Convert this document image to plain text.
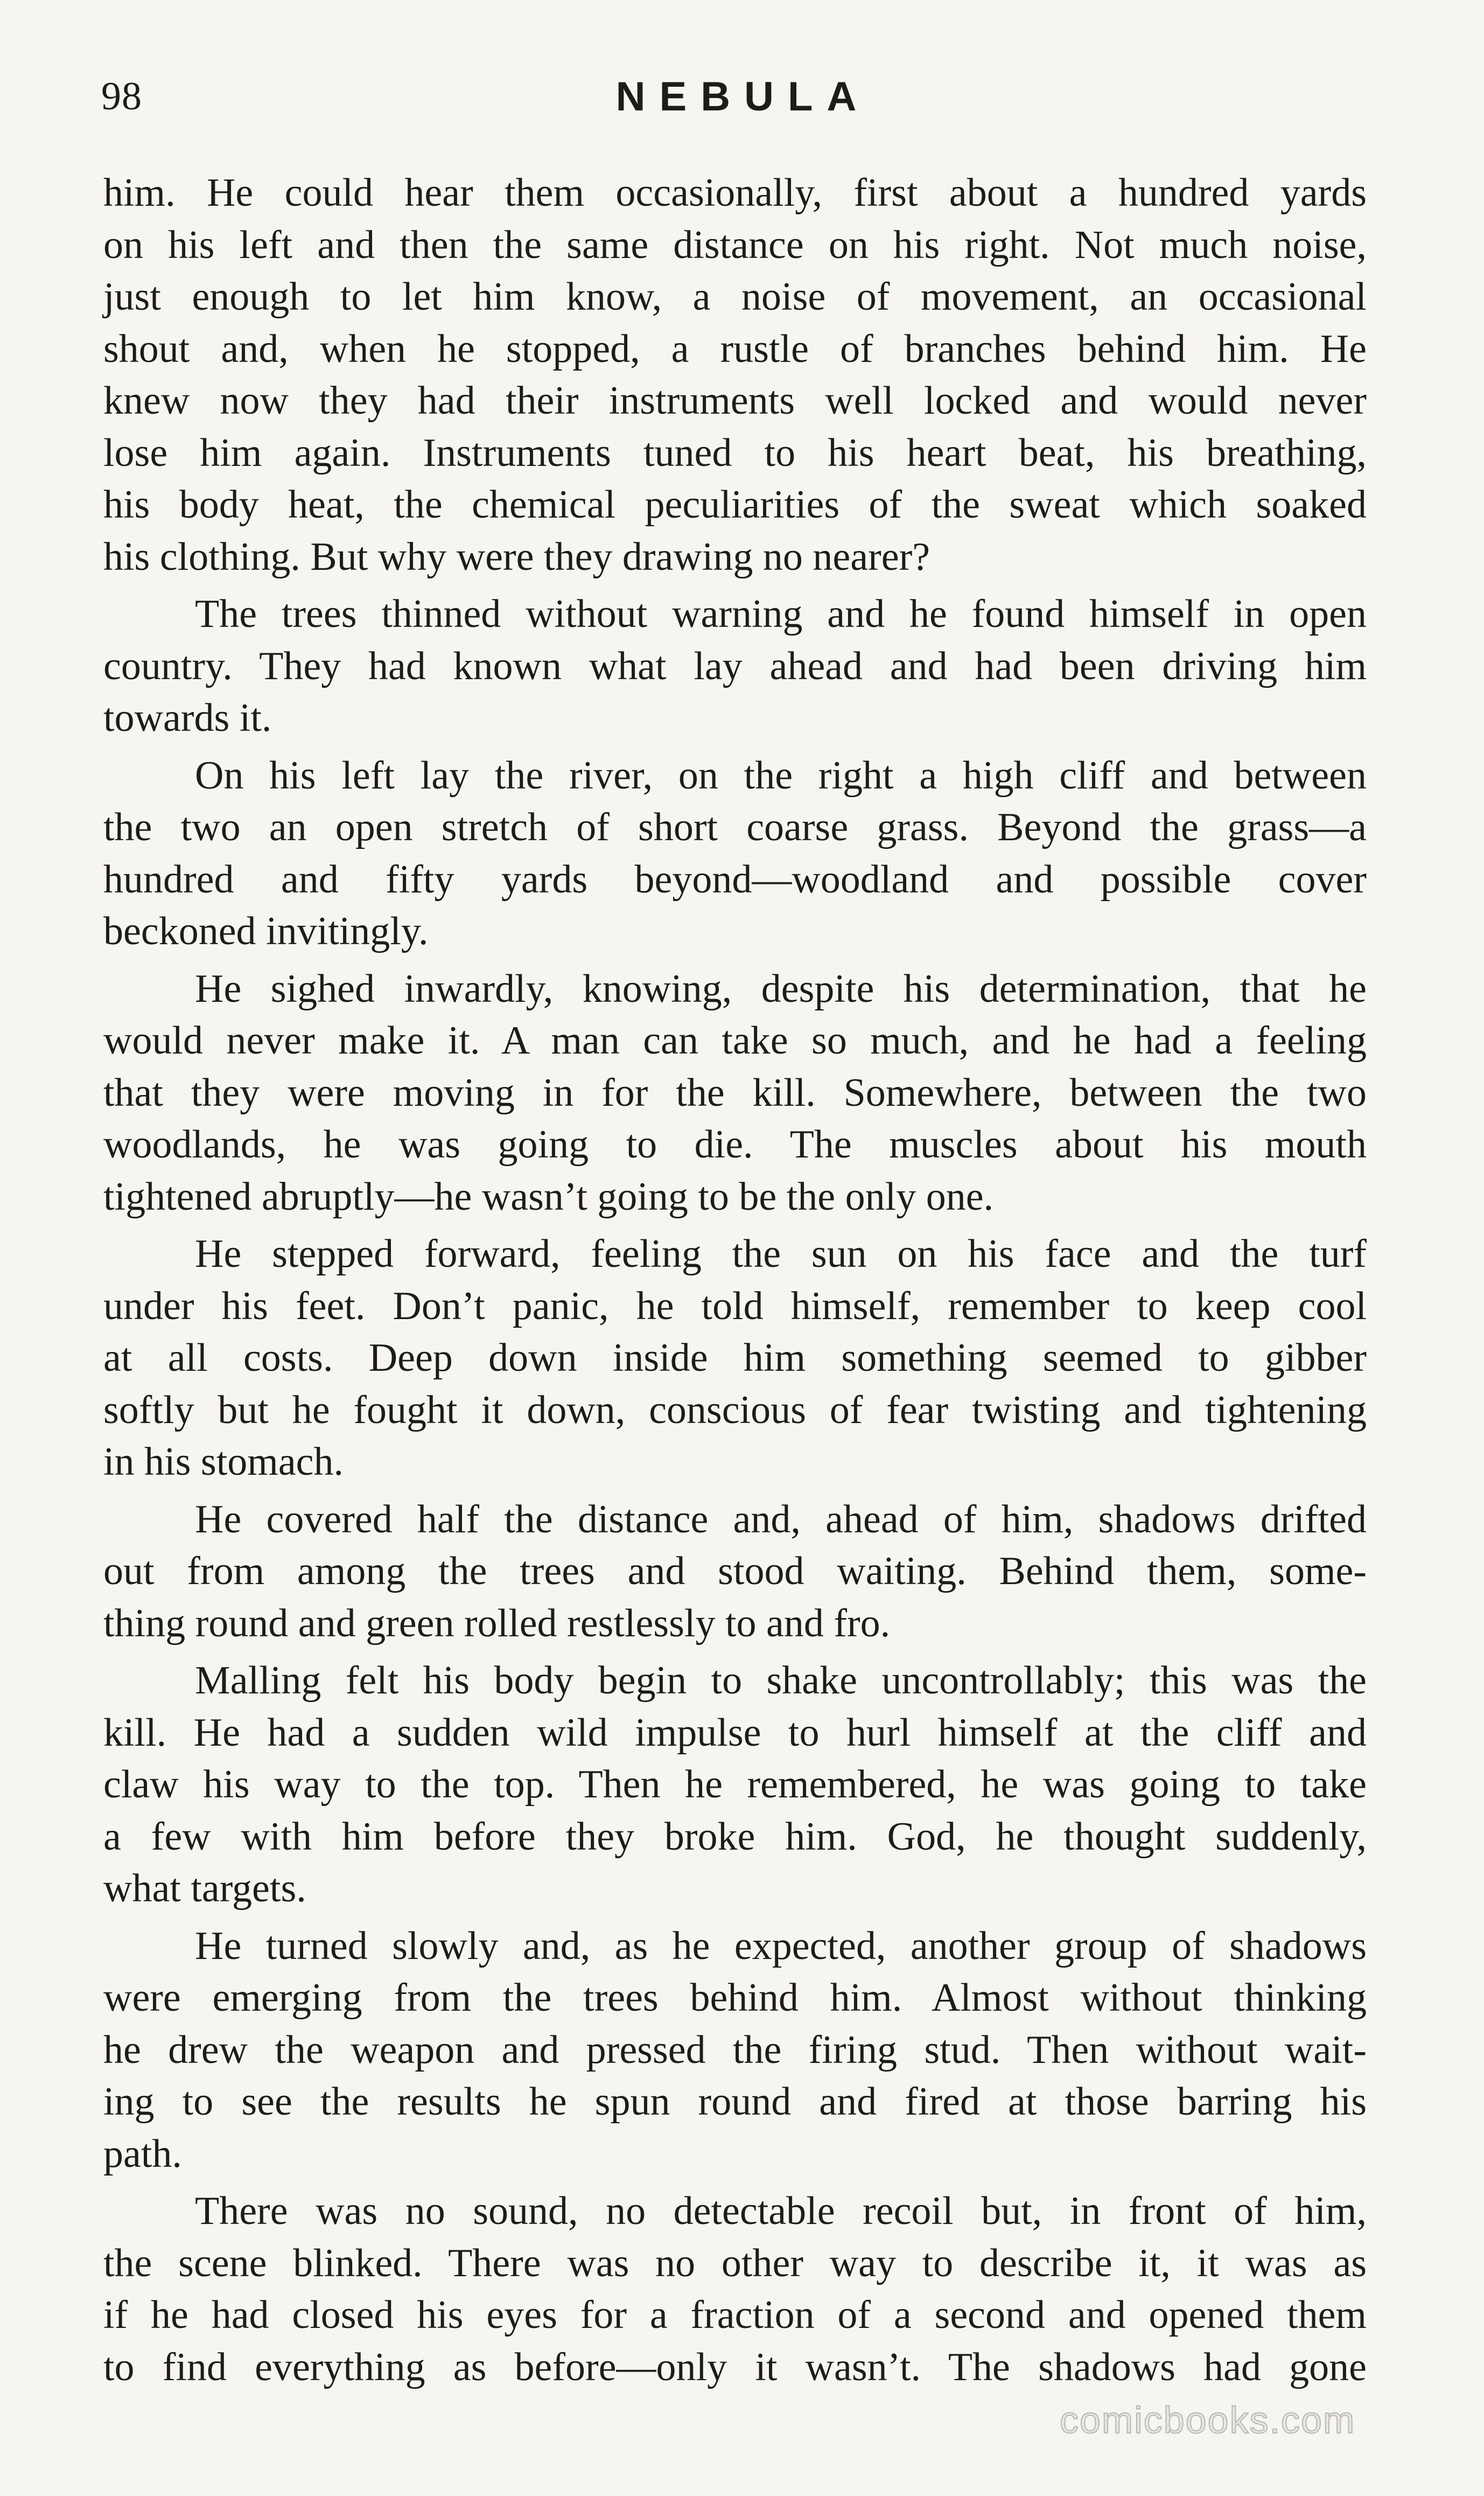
98	NEBULA
him. He could hear them occasionally, first about a hundred yards
on his left and then the same distance on his right. Not much noise,
just enough to let him know, a noise of movement, an occasional
shout and, when he stopped, a rustle of branches behind him. He
knew now they had their instruments well locked and would never
lose him again. Instruments tuned to his heart beat, his breathing,
his body heat, the chemical peculiarities of the sweat which soaked
his clothing. But why were they drawing no nearer?
The trees thinned without warning and he found himself in open
country. They had known what lay ahead and had been driving him
towards it.
On his left lay the river, on the right a high cliff and between
the two an open stretch of short coarse grass. Beyond the grass—a
hundred and fifty yards beyond—woodland and possible cover
beckoned invitingly.
He sighed inwardly, knowing, despite his determination, that he
would never make it. A man can take so much, and he had a feeling
that they were moving in for the kill. Somewhere, between the two
woodlands, he was going to die. The muscles about his mouth
tightened abruptly—he wasn’t going to be the only one.
He stepped forward, feeling the sun on his face and the turf
under his feet. Don’t panic, he told himself, remember to keep cool
at all costs. Deep down inside him something seemed to gibber
softly but he fought it down, conscious of fear twisting and tightening
in his stomach.
He covered half the distance and, ahead of him, shadows drifted
out from among the trees and stood waiting. Behind them, some-
thing round and green rolled restlessly to and fro.
Malling felt his body begin to shake uncontrollably; this was the
kill. He had a sudden wild impulse to hurl himself at the cliff and
claw his way to the top. Then he remembered, he was going to take
a few with him before they broke him. God, he thought suddenly,
what targets.
He turned slowly and, as he expected, another group of shadows
were emerging from the trees behind him. Almost without thinking
he drew the weapon and pressed the firing stud. Then without wait-
ing to see the results he spun round and fired at those barring his
path.
There was no sound, no detectable recoil but, in front of him,
the scene blinked. There was no other way to describe it, it was as
if he had closed his eyes for a fraction of a second and opened them
to find everything as before—only it wasn’t. The shadows had gone
comicbooks.com
